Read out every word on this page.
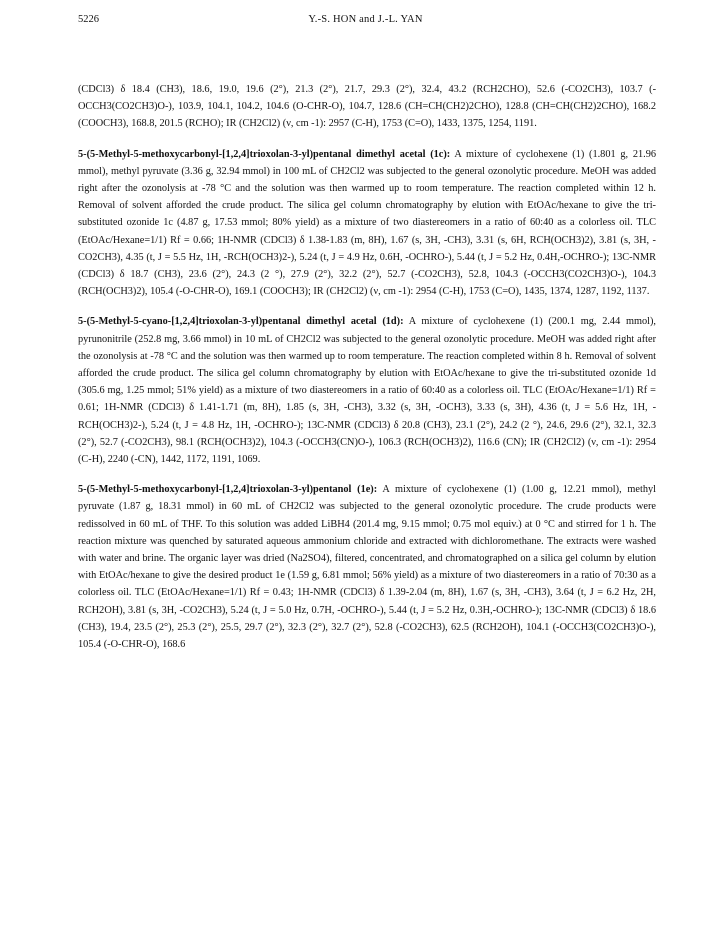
5226	Y.-S. HON and J.-L. YAN

(CDCl3) δ 18.4 (CH3), 18.6, 19.0, 19.6 (2°), 21.3 (2°), 21.7, 29.3 (2°), 32.4, 43.2 (RCH2CHO), 52.6 (-CO2CH3), 103.7 (-OCCH3(CO2CH3)O-), 103.9, 104.1, 104.2, 104.6 (O-CHR-O), 104.7, 128.6 (CH=CH(CH2)2CHO), 128.8 (CH=CH(CH2)2CHO), 168.2 (COOCH3), 168.8, 201.5 (RCHO); IR (CH2Cl2) (ν, cm -1): 2957 (C-H), 1753 (C=O), 1433, 1375, 1254, 1191.

5-(5-Methyl-5-methoxycarbonyl-[1,2,4]trioxolan-3-yl)pentanal dimethyl acetal (1c): A mixture of cyclohexene (1) (1.801 g, 21.96 mmol), methyl pyruvate (3.36 g, 32.94 mmol) in 100 mL of CH2Cl2 was subjected to the general ozonolytic procedure. MeOH was added right after the ozonolysis at -78 °C and the solution was then warmed up to room temperature. The reaction completed within 12 h. Removal of solvent afforded the crude product. The silica gel column chromatography by elution with EtOAc/hexane to give the tri-substituted ozonide 1c (4.87 g, 17.53 mmol; 80% yield) as a mixture of two diastereomers in a ratio of 60:40 as a colorless oil. TLC (EtOAc/Hexane=1/1) Rf = 0.66; 1H-NMR (CDCl3) δ 1.38-1.83 (m, 8H), 1.67 (s, 3H, -CH3), 3.31 (s, 6H, RCH(OCH3)2), 3.81 (s, 3H, -CO2CH3), 4.35 (t, J = 5.5 Hz, 1H, -RCH(OCH3)2-), 5.24 (t, J = 4.9 Hz, 0.6H, -OCHRO-), 5.44 (t, J = 5.2 Hz, 0.4H,-OCHRO-); 13C-NMR (CDCl3) δ 18.7 (CH3), 23.6 (2°), 24.3 (2 °), 27.9 (2°), 32.2 (2°), 52.7 (-CO2CH3), 52.8, 104.3 (-OCCH3(CO2CH3)O-), 104.3 (RCH(OCH3)2), 105.4 (-O-CHR-O), 169.1 (COOCH3); IR (CH2Cl2) (ν, cm -1): 2954 (C-H), 1753 (C=O), 1435, 1374, 1287, 1192, 1137.

5-(5-Methyl-5-cyano-[1,2,4]trioxolan-3-yl)pentanal dimethyl acetal (1d): A mixture of cyclohexene (1) (200.1 mg, 2.44 mmol), pyrunonitrile (252.8 mg, 3.66 mmol) in 10 mL of CH2Cl2 was subjected to the general ozonolytic procedure. MeOH was added right after the ozonolysis at -78 °C and the solution was then warmed up to room temperature. The reaction completed within 8 h. Removal of solvent afforded the crude product. The silica gel column chromatography by elution with EtOAc/hexane to give the tri-substituted ozonide 1d (305.6 mg, 1.25 mmol; 51% yield) as a mixture of two diastereomers in a ratio of 60:40 as a colorless oil. TLC (EtOAc/Hexane=1/1) Rf = 0.61; 1H-NMR (CDCl3) δ 1.41-1.71 (m, 8H), 1.85 (s, 3H, -CH3), 3.32 (s, 3H, -OCH3), 3.33 (s, 3H), 4.36 (t, J = 5.6 Hz, 1H, -RCH(OCH3)2-), 5.24 (t, J = 4.8 Hz, 1H, -OCHRO-); 13C-NMR (CDCl3) δ 20.8 (CH3), 23.1 (2°), 24.2 (2 °), 24.6, 29.6 (2°), 32.1, 32.3 (2°), 52.7 (-CO2CH3), 98.1 (RCH(OCH3)2), 104.3 (-OCCH3(CN)O-), 106.3 (RCH(OCH3)2), 116.6 (CN); IR (CH2Cl2) (ν, cm -1): 2954 (C-H), 2240 (-CN), 1442, 1172, 1191, 1069.

5-(5-Methyl-5-methoxycarbonyl-[1,2,4]trioxolan-3-yl)pentanol (1e): A mixture of cyclohexene (1) (1.00 g, 12.21 mmol), methyl pyruvate (1.87 g, 18.31 mmol) in 60 mL of CH2Cl2 was subjected to the general ozonolytic procedure. The crude products were redissolved in 60 mL of THF. To this solution was added LiBH4 (201.4 mg, 9.15 mmol; 0.75 mol equiv.) at 0 °C and stirred for 1 h. The reaction mixture was quenched by saturated aqueous ammonium chloride and extracted with dichloromethane. The extracts were washed with water and brine. The organic layer was dried (Na2SO4), filtered, concentrated, and chromatographed on a silica gel column by elution with EtOAc/hexane to give the desired product 1e (1.59 g, 6.81 mmol; 56% yield) as a mixture of two diastereomers in a ratio of 70:30 as a colorless oil. TLC (EtOAc/Hexane=1/1) Rf = 0.43; 1H-NMR (CDCl3) δ 1.39-2.04 (m, 8H), 1.67 (s, 3H, -CH3), 3.64 (t, J = 6.2 Hz, 2H, RCH2OH), 3.81 (s, 3H, -CO2CH3), 5.24 (t, J = 5.0 Hz, 0.7H, -OCHRO-), 5.44 (t, J = 5.2 Hz, 0.3H,-OCHRO-); 13C-NMR (CDCl3) δ 18.6 (CH3), 19.4, 23.5 (2°), 25.3 (2°), 25.5, 29.7 (2°), 32.3 (2°), 32.7 (2°), 52.8 (-CO2CH3), 62.5 (RCH2OH), 104.1 (-OCCH3(CO2CH3)O-), 105.4 (-O-CHR-O), 168.6
